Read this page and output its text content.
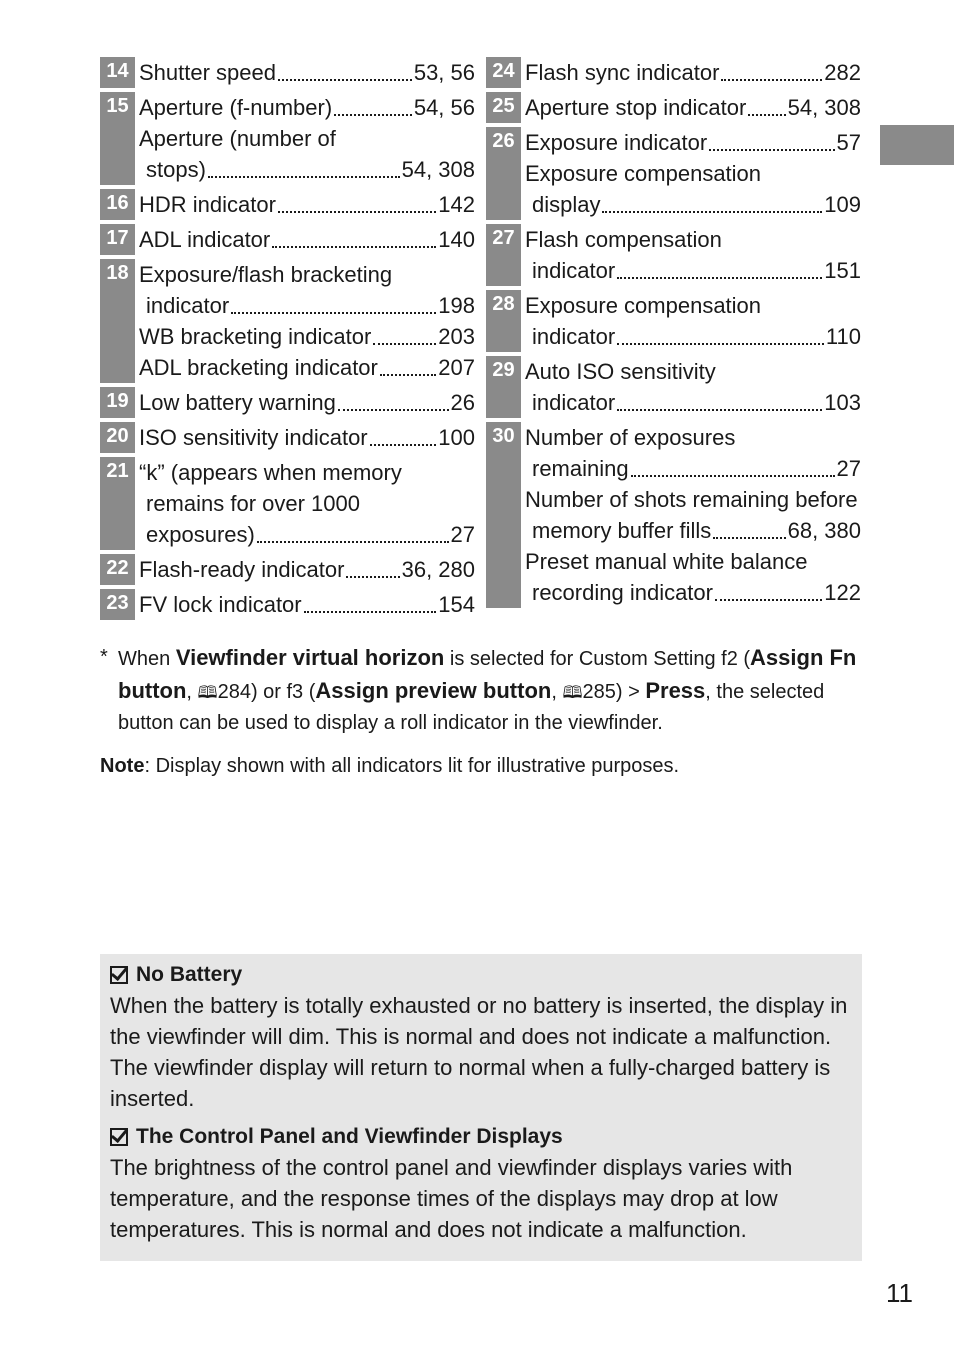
14 Shutter speed	53, 56
15 Aperture (f-number)	54, 56
Aperture (number of
stops)	54, 308
16 HDR indicator	142
17 ADL indicator	140
18 Exposure/flash bracketing
indicator	198
WB bracketing indicator	203
ADL bracketing indicator	207
19 Low battery warning	26
20 ISO sensitivity indicator	100
21 “k” (appears when memory
remains for over 1000
exposures)	27
22 Flash-ready indicator	36, 280
23 FV lock indicator	154
24 Flash sync indicator	282
25 Aperture stop indicator 54, 308
26 Exposure indicator	57
Exposure compensation
display	109
27 Flash compensation
indicator	151
28 Exposure compensation
indicator	110
29 Auto ISO sensitivity
indicator	103
30 Number of exposures
remaining	27
Number of shots remaining before
memory buffer fills	68, 380
Preset manual white balance
recording indicator	122
* When Viewfinder virtual horizon is selected for Custom Setting f2 (Assign Fn button, 🕮284) or f3 (Assign preview button, 🕮285) > Press, the selected button can be used to display a roll indicator in the viewfinder.
Note: Display shown with all indicators lit for illustrative purposes.
No Battery

When the battery is totally exhausted or no battery is inserted, the display in the viewfinder will dim. This is normal and does not indicate a malfunction. The viewfinder display will return to normal when a fully-charged battery is inserted.

The Control Panel and Viewfinder Displays

The brightness of the control panel and viewfinder displays varies with temperature, and the response times of the displays may drop at low temperatures. This is normal and does not indicate a malfunction.

11
